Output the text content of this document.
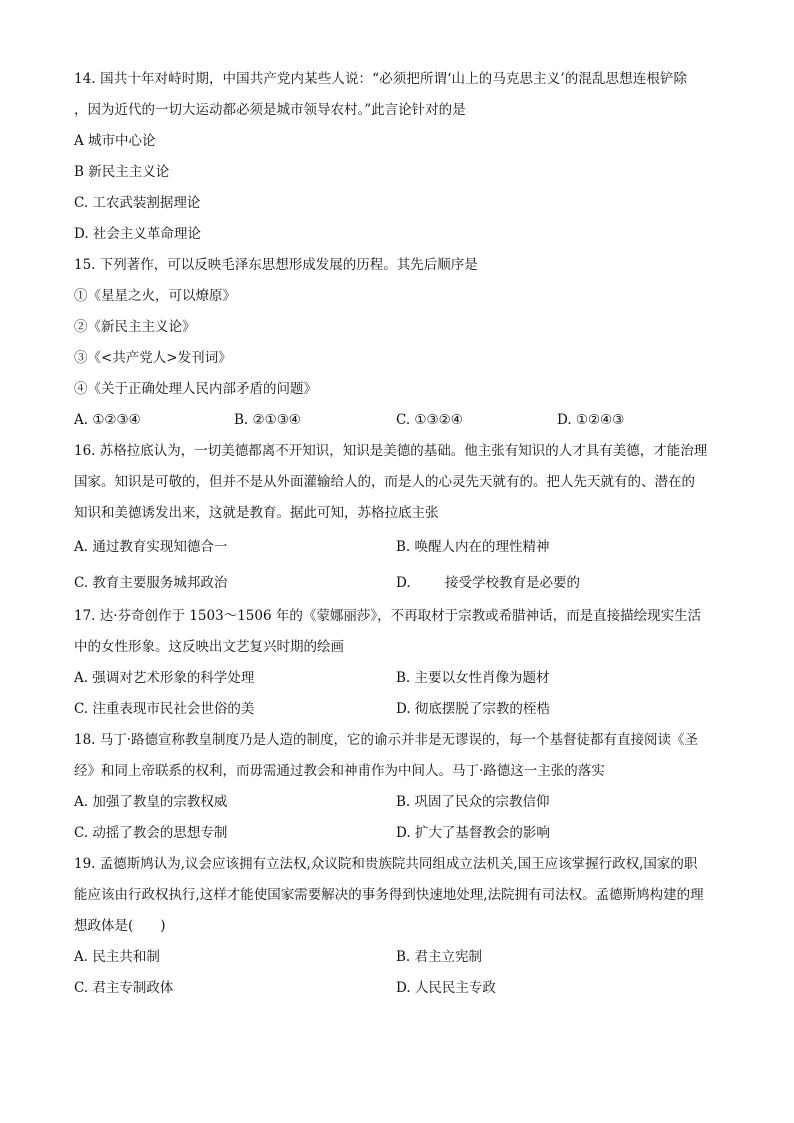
14. 国共十年对峙时期，中国共产党内某些人说：“必须把所谓‘山上的马克思主义’的混乱思想连根铲除
，因为近代的一切大运动都必须是城市领导农村。”此言论针对的是
A 城市中心论
B 新民主主义论
C. 工农武装割据理论
D. 社会主义革命理论
15. 下列著作，可以反映毛泽东思想形成发展的历程。其先后顺序是
①《星星之火，可以燎原》
②《新民主主义论》
③《<共产党人>发刊词》
④《关于正确处理人民内部矛盾的问题》
A. ①②③④	B. ②①③④	C. ①③②④	D. ①②④③
16. 苏格拉底认为，一切美德都离不开知识，知识是美德的基础。他主张有知识的人才具有美德，才能治理
国家。知识是可敬的，但并不是从外面灌输给人的，而是人的心灵先天就有的。把人先天就有的、潜在的
知识和美德诱发出来，这就是教育。据此可知，苏格拉底主张
A. 通过教育实现知德合一	B. 唤醒人内在的理性精神
C. 教育主要服务城邦政治	D.        接受学校教育是必要的
17. 达·芬奇创作于 1503～1506 年的《蒙娜丽莎》，不再取材于宗教或希腊神话，而是直接描绘现实生活
中的女性形象。这反映出文艺复兴时期的绘画
A. 强调对艺术形象的科学处理	B. 主要以女性肖像为题材
C. 注重表现市民社会世俗的美	D. 彻底摆脱了宗教的桎梏
18. 马丁·路德宣称教皇制度乃是人造的制度，它的谕示并非是无谬误的，每一个基督徒都有直接阅读《圣
经》和同上帝联系的权利，而毋需通过教会和神甫作为中间人。马丁·路德这一主张的落实
A. 加强了教皇的宗教权威	B. 巩固了民众的宗教信仰
C. 动摇了教会的思想专制	D. 扩大了基督教会的影响
19. 孟德斯鸠认为,议会应该拥有立法权,众议院和贵族院共同组成立法机关,国王应该掌握行政权,国家的职
能应该由行政权执行,这样才能使国家需要解决的事务得到快速地处理,法院拥有司法权。孟德斯鸠构建的理
想政体是(　　)
A. 民主共和制	B. 君主立宪制
C. 君主专制政体	D. 人民民主专政
